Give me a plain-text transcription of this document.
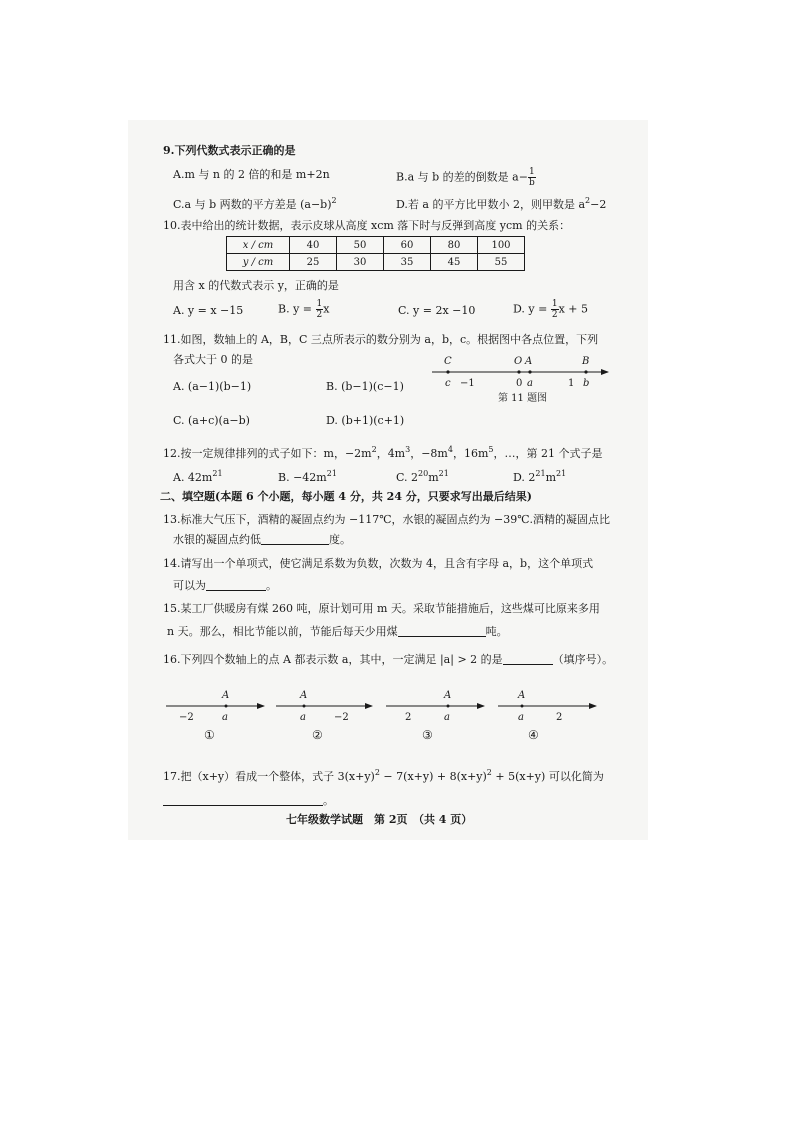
9.下列代数式表示正确的是
A.m 与 n 的 2 倍的和是 m+2n	B.a 与 b 的差的倒数是 $a- \frac{1}{b}$
C.a 与 b 两数的平方差是 $(a-b)^2$	D.若 a 的平方比甲数小 2，则甲数是 $a^2-2$
10.表中给出的统计数据，表示皮球从高度 xcm 落下时与反弹到高度 ycm 的关系：
x / cm	40	50	60	80	100
y / cm	25	30	35	45	55
用含 x 的代数式表示 y，正确的是
A. y = x −15	B. $y = \frac{1}{2}$ x	C. y = 2x −10	D. $y = \frac{1}{2}$ x + 5
11.如图，数轴上的 A，B，C 三点所表示的数分别为 a，b，c。根据图中各点位置，下列
各式大于 0 的是
A. (a−1)(b−1)	B. (b−1)(c−1)
C. (a+c)(a−b)	D. (b+1)(c+1)
C	O A	B
c −1	0 a	1 b
第 11 题图
12.按一定规律排列的式子如下：m，$-2m^2$，$4m^3$，$-8m^4$，$16m^5$，…，第 21 个式子是
A. $42m^{21}$	B. $-42m^{21}$	C. $2^{20}m^{21}$	D. $2^{21}m^{21}$
二、填空题(本题 6 个小题，每小题 4 分，共 24 分，只要求写出最后结果)
13.标准大气压下，酒精的凝固点约为 −117℃，水银的凝固点约为 −39℃.酒精的凝固点比
水银的凝固点约低	度。
14.请写出一个单项式，使它满足系数为负数，次数为 4，且含有字母 a，b，这个单项式
可以为	。
15.某工厂供暖房有煤 260 吨，原计划可用 m 天。采取节能措施后，这些煤可比原来多用
n 天。那么，相比节能以前，节能后每天少用煤	吨。
16.下列四个数轴上的点 A 都表示数 a，其中，一定满足 |a| > 2 的是	（填序号）。
A
−2	a
①
A
a	−2
②
A
2	a
③
A
a	2
④
17.把（x+y）看成一个整体，式子 $3(x+y)^2 - 7(x+y) + 8(x+y)^2 + 5(x+y)$ 可以化简为
。
七年级数学试题　第 2页　（共 4 页）
